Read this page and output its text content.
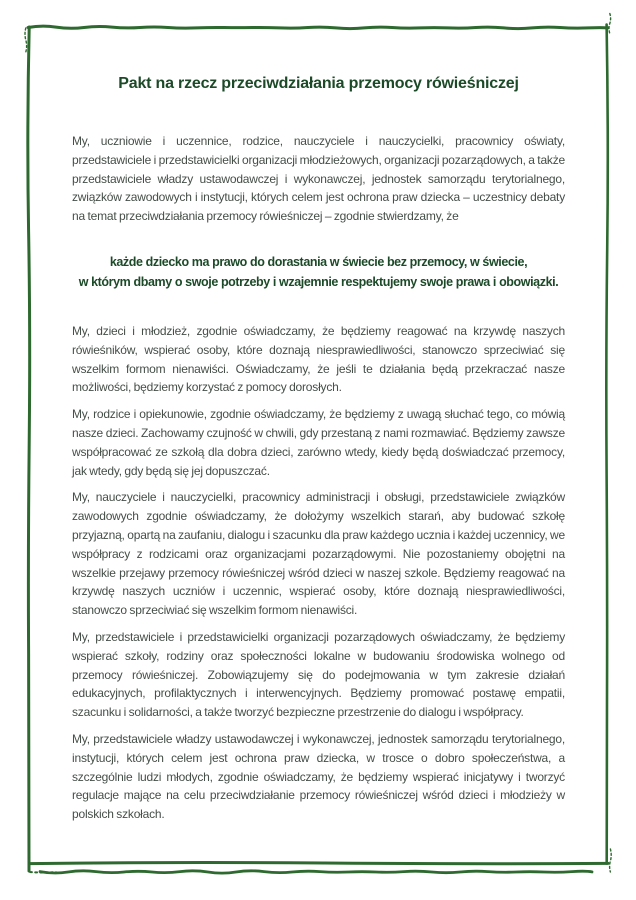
Pakt na rzecz przeciwdziałania przemocy rówieśniczej

My, uczniowie i uczennice, rodzice, nauczyciele i nauczycielki, pracownicy oświaty, przedstawiciele i przedstawicielki organizacji młodzieżowych, organizacji pozarządowych, a także przedstawiciele władzy ustawodawczej i wykonawczej, jednostek samorządu terytorialnego, związków zawodowych i instytucji, których celem jest ochrona praw dziecka – uczestnicy debaty na temat przeciwdziałania przemocy rówieśniczej – zgodnie stwierdzamy, że

każde dziecko ma prawo do dorastania w świecie bez przemocy, w świecie,
w którym dbamy o swoje potrzeby i wzajemnie respektujemy swoje prawa i obowiązki.

My, dzieci i młodzież, zgodnie oświadczamy, że będziemy reagować na krzywdę naszych rówieśników, wspierać osoby, które doznają niesprawiedliwości, stanowczo sprzeciwiać się wszelkim formom nienawiści. Oświadczamy, że jeśli te działania będą przekraczać nasze możliwości, będziemy korzystać z pomocy dorosłych.

My, rodzice i opiekunowie, zgodnie oświadczamy, że będziemy z uwagą słuchać tego, co mówią nasze dzieci. Zachowamy czujność w chwili, gdy przestaną z nami rozmawiać. Będziemy zawsze współpracować ze szkołą dla dobra dzieci, zarówno wtedy, kiedy będą doświadczać przemocy, jak wtedy, gdy będą się jej dopuszczać.

My, nauczyciele i nauczycielki, pracownicy administracji i obsługi, przedstawiciele związków zawodowych zgodnie oświadczamy, że dołożymy wszelkich starań, aby budować szkołę przyjazną, opartą na zaufaniu, dialogu i szacunku dla praw każdego ucznia i każdej uczennicy, we współpracy z rodzicami oraz organizacjami pozarządowymi. Nie pozostaniemy obojętni na wszelkie przejawy przemocy rówieśniczej wśród dzieci w naszej szkole. Będziemy reagować na krzywdę naszych uczniów i uczennic, wspierać osoby, które doznają niesprawiedliwości, stanowczo sprzeciwiać się wszelkim formom nienawiści.

My, przedstawiciele i przedstawicielki organizacji pozarządowych oświadczamy, że będziemy wspierać szkoły, rodziny oraz społeczności lokalne w budowaniu środowiska wolnego od przemocy rówieśniczej. Zobowiązujemy się do podejmowania w tym zakresie działań edukacyjnych, profilaktycznych i interwencyjnych. Będziemy promować postawę empatii, szacunku i solidarności, a także tworzyć bezpieczne przestrzenie do dialogu i współpracy.

My, przedstawiciele władzy ustawodawczej i wykonawczej, jednostek samorządu terytorialnego, instytucji, których celem jest ochrona praw dziecka, w trosce o dobro społeczeństwa, a szczególnie ludzi młodych, zgodnie oświadczamy, że będziemy wspierać inicjatywy i tworzyć regulacje mające na celu przeciwdziałanie przemocy rówieśniczej wśród dzieci i młodzieży w polskich szkołach.
